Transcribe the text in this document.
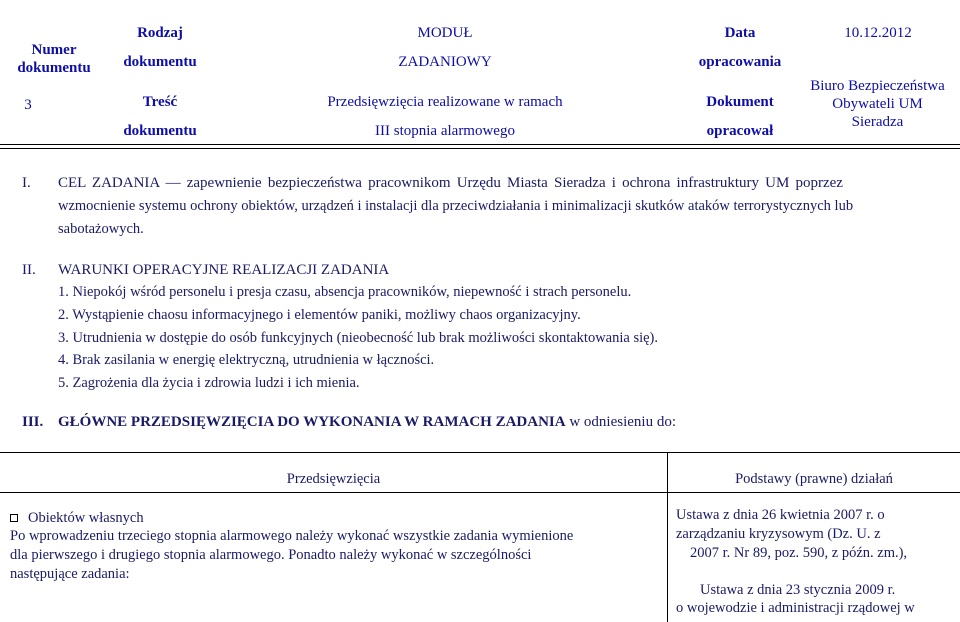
Numer
dokumentu
3
Rodzaj
dokumentu
MODUŁ
ZADANIOWY
Data
opracowania
10.12.2012
Treść
dokumentu
Przedsięwzięcia realizowane w ramach
III stopnia alarmowego
Dokument
opracował
Biuro Bezpieczeństwa
Obywateli UM
Sieradza
I. CEL ZADANIA — zapewnienie bezpieczeństwa pracownikom Urzędu Miasta Sieradza i ochrona infrastruktury UM poprzez
wzmocnienie systemu ochrony obiektów, urządzeń i instalacji dla przeciwdziałania i minimalizacji skutków ataków terrorystycznych lub
sabotażowych.
II. WARUNKI OPERACYJNE REALIZACJI ZADANIA
1. Niepokój wśród personelu i presja czasu, absencja pracowników, niepewność i strach personelu.
2. Wystąpienie chaosu informacyjnego i elementów paniki, możliwy chaos organizacyjny.
3. Utrudnienia w dostępie do osób funkcyjnych (nieobecność lub brak możliwości skontaktowania się).
4. Brak zasilania w energię elektryczną, utrudnienia w łączności.
5. Zagrożenia dla życia i zdrowia ludzi i ich mienia.
III. GŁÓWNE PRZEDSIĘWZIĘCIA DO WYKONANIA W RAMACH ZADANIA w odniesieniu do:
Przedsięwzięcia	Podstawy (prawne) działań
Obiektów własnych
Po wprowadzeniu trzeciego stopnia alarmowego należy wykonać wszystkie zadania wymienione
dla pierwszego i drugiego stopnia alarmowego. Ponadto należy wykonać w szczególności
następujące zadania:
Ustawa z dnia 26 kwietnia 2007 r. o
zarządzaniu kryzysowym (Dz. U. z
2007 r. Nr 89, poz. 590, z późn. zm.),
Ustawa z dnia 23 stycznia 2009 r.
o wojewodzie i administracji rządowej w
